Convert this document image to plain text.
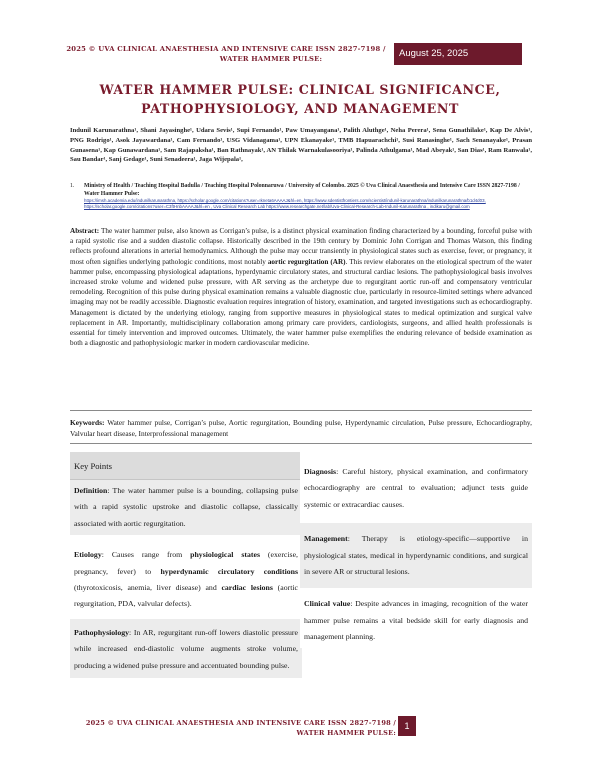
2025 © UVA CLINICAL ANAESTHESIA AND INTENSIVE CARE ISSN 2827-7198 /
WATER HAMMER PULSE:	August 25, 2025
WATER HAMMER PULSE: CLINICAL SIGNIFICANCE,
PATHOPHYSIOLOGY, AND MANAGEMENT
Indunil Karunarathna¹, Shani Jayasinghe¹, Udara Sevis¹, Supi Fernando¹, Paw Umayangana¹, Palith Aluthge¹, Neha Perera¹, Sena Gunathilake¹, Kap De Alvis¹, PNG Rodrigo¹, Asok Jayawardana¹, Cam Fernando¹, USG Vidanagama¹, UPN Ekanayake¹, TMB Hapuarachchi¹, Susi Ranasinghe¹, Sach Senanayake¹, Prasan Gunasena¹, Kap Gunawardana¹, Sam Rajapaksha¹, Ban Rathnayak¹, AN Thilak Warnakulasooriya¹, Palinda Athulgama¹, Mad Abeyak¹, San Dias¹, Ram Ranwala¹, Sau Bandar¹, Sanj Gedage¹, Suni Senadeera¹, Jaga Wijepala¹,
1. Ministry of Health / Teaching Hospital Badulla / Teaching Hospital Polonnaruwa / University of Colombo. 2025 © Uva Clinical Anaesthesia and Intensive Care ISSN 2827-7198 / Water Hammer Pulse:
https://imsh.academia.edu/indunilkarunarathna, https://scholar.google.com/citations?user=Ikneta6AAAAJ&hl=en, https://www.sdentistfrontiers.com/scientist/indunil-karunarathna/indunilkarunarathna/b1d4d03, https://scholar.google.com/citations?user=C3ftHnbAAAAJ&hl=en , Uva Clinical Research Lab https://www.researchgate.net/lab/Uva-Clinical-Research-Lab-Indunil-Karunarathna , indikaru@gmail.com
Abstract: The water hammer pulse, also known as Corrigan’s pulse, is a distinct physical examination finding characterized by a bounding, forceful pulse with a rapid systolic rise and a sudden diastolic collapse. Historically described in the 19th century by Dominic John Corrigan and Thomas Watson, this finding reflects profound alterations in arterial hemodynamics. Although the pulse may occur transiently in physiological states such as exercise, fever, or pregnancy, it most often signifies underlying pathologic conditions, most notably aortic regurgitation (AR). This review elaborates on the etiological spectrum of the water hammer pulse, encompassing physiological adaptations, hyperdynamic circulatory states, and structural cardiac lesions. The pathophysiological basis involves increased stroke volume and widened pulse pressure, with AR serving as the archetype due to regurgitant aortic run-off and compensatory ventricular remodeling. Recognition of this pulse during physical examination remains a valuable diagnostic clue, particularly in resource-limited settings where advanced imaging may not be readily accessible. Diagnostic evaluation requires integration of history, examination, and targeted investigations such as echocardiography. Management is dictated by the underlying etiology, ranging from supportive measures in physiological states to medical optimization and surgical valve replacement in AR. Importantly, multidisciplinary collaboration among primary care providers, cardiologists, surgeons, and allied health professionals is essential for timely intervention and improved outcomes. Ultimately, the water hammer pulse exemplifies the enduring relevance of bedside examination as both a diagnostic and pathophysiologic marker in modern cardiovascular medicine.
Keywords: Water hammer pulse, Corrigan’s pulse, Aortic regurgitation, Bounding pulse, Hyperdynamic circulation, Pulse pressure, Echocardiography, Valvular heart disease, Interprofessional management
Key Points
Definition: The water hammer pulse is a bounding, collapsing pulse with a rapid systolic upstroke and diastolic collapse, classically associated with aortic regurgitation.
Etiology: Causes range from physiological states (exercise, pregnancy, fever) to hyperdynamic circulatory conditions (thyrotoxicosis, anemia, liver disease) and cardiac lesions (aortic regurgitation, PDA, valvular defects).
Pathophysiology: In AR, regurgitant run-off lowers diastolic pressure while increased end-diastolic volume augments stroke volume, producing a widened pulse pressure and accentuated bounding pulse.
Diagnosis: Careful history, physical examination, and confirmatory echocardiography are central to evaluation; adjunct tests guide systemic or extracardiac causes.
Management: Therapy is etiology-specific—supportive in physiological states, medical in hyperdynamic conditions, and surgical in severe AR or structural lesions.
Clinical value: Despite advances in imaging, recognition of the water hammer pulse remains a vital bedside skill for early diagnosis and management planning.
2025 © UVA CLINICAL ANAESTHESIA AND INTENSIVE CARE ISSN 2827-7198 /
WATER HAMMER PULSE:
1
